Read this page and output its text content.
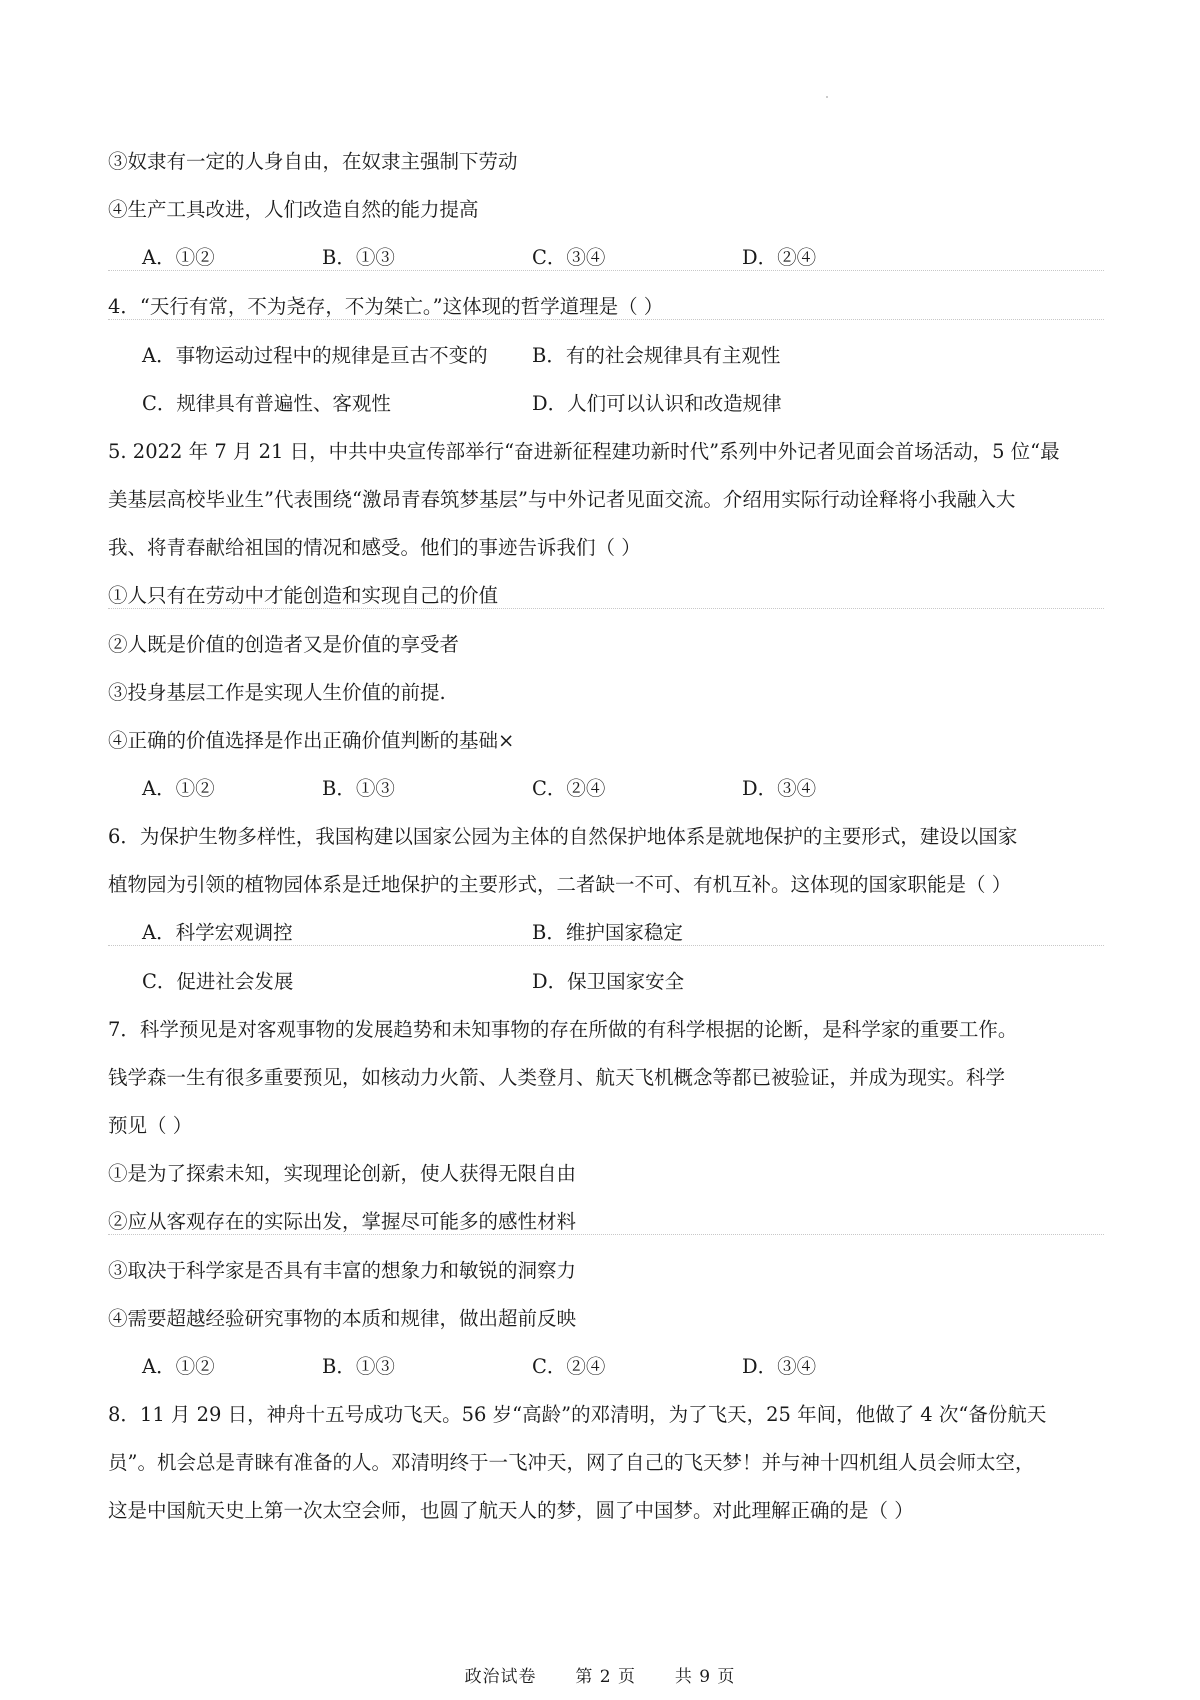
③奴隶有一定的人身自由，在奴隶主强制下劳动
④生产工具改进，人们改造自然的能力提高
A．①②	B．①③	C．③④	D．②④
4．“天行有常，不为尧存，不为桀亡。”这体现的哲学道理是（ ）
A．事物运动过程中的规律是亘古不变的 B．有的社会规律具有主观性
C．规律具有普遍性、客观性	D．人们可以认识和改造规律
5. 2022 年 7 月 21 日，中共中央宣传部举行“奋进新征程建功新时代”系列中外记者见面会首场活动，5 位“最
美基层高校毕业生”代表围绕“激昂青春筑梦基层”与中外记者见面交流。介绍用实际行动诠释将小我融入大
我、将青春献给祖国的情况和感受。他们的事迹告诉我们（ ）
①人只有在劳动中才能创造和实现自己的价值
②人既是价值的创造者又是价值的享受者
③投身基层工作是实现人生价值的前提.
④正确的价值选择是作出正确价值判断的基础×
A．①②	B．①③	C．②④	D．③④
6．为保护生物多样性，我国构建以国家公园为主体的自然保护地体系是就地保护的主要形式，建设以国家
植物园为引领的植物园体系是迁地保护的主要形式，二者缺一不可、有机互补。这体现的国家职能是（ ）
A．科学宏观调控	B．维护国家稳定
C．促进社会发展	D．保卫国家安全
7．科学预见是对客观事物的发展趋势和未知事物的存在所做的有科学根据的论断，是科学家的重要工作。
钱学森一生有很多重要预见，如核动力火箭、人类登月、航天飞机概念等都已被验证，并成为现实。科学
预见（ ）
①是为了探索未知，实现理论创新，使人获得无限自由
②应从客观存在的实际出发，掌握尽可能多的感性材料
③取决于科学家是否具有丰富的想象力和敏锐的洞察力
④需要超越经验研究事物的本质和规律，做出超前反映
A．①②	B．①③	C．②④	D．③④
8．11 月 29 日，神舟十五号成功飞天。56 岁“高龄”的邓清明，为了飞天，25 年间，他做了 4 次“备份航天
员”。机会总是青睐有准备的人。邓清明终于一飞冲天，网了自己的飞天梦！并与神十四机组人员会师太空，
这是中国航天史上第一次太空会师，也圆了航天人的梦，圆了中国梦。对此理解正确的是（ ）
政治试卷 第 2 页 共 9 页
